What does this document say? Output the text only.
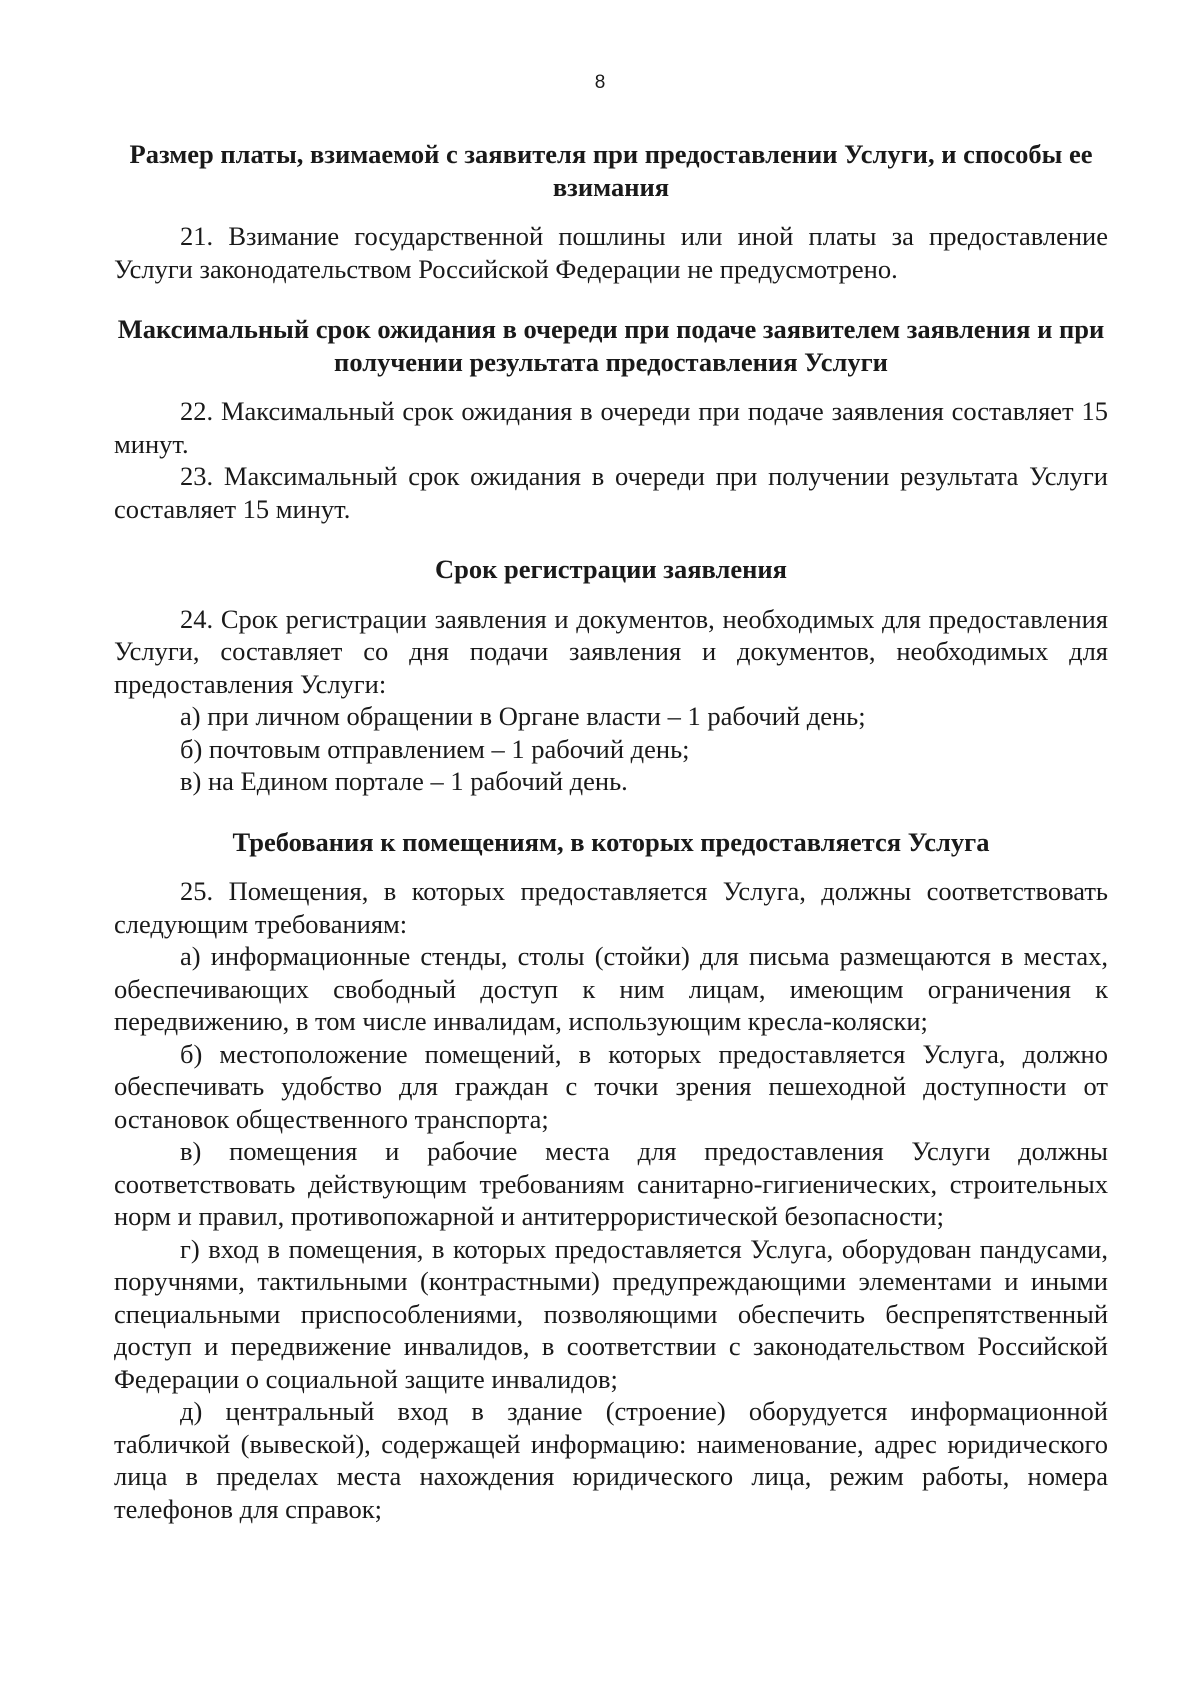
8

Размер платы, взимаемой с заявителя при предоставлении Услуги, и способы ее взимания

21. Взимание государственной пошлины или иной платы за предоставление Услуги законодательством Российской Федерации не предусмотрено.

Максимальный срок ожидания в очереди при подаче заявителем заявления и при получении результата предоставления Услуги

22. Максимальный срок ожидания в очереди при подаче заявления составляет 15 минут.

23. Максимальный срок ожидания в очереди при получении результата Услуги составляет 15 минут.

Срок регистрации заявления

24. Срок регистрации заявления и документов, необходимых для предоставления Услуги, составляет со дня подачи заявления и документов, необходимых для предоставления Услуги:

а) при личном обращении в Органе власти – 1 рабочий день;

б) почтовым отправлением – 1 рабочий день;

в) на Едином портале – 1 рабочий день.

Требования к помещениям, в которых предоставляется Услуга

25. Помещения, в которых предоставляется Услуга, должны соответствовать следующим требованиям:

а) информационные стенды, столы (стойки) для письма размещаются в местах, обеспечивающих свободный доступ к ним лицам, имеющим ограничения к передвижению, в том числе инвалидам, использующим кресла-коляски;

б) местоположение помещений, в которых предоставляется Услуга, должно обеспечивать удобство для граждан с точки зрения пешеходной доступности от остановок общественного транспорта;

в) помещения и рабочие места для предоставления Услуги должны соответствовать действующим требованиям санитарно-гигиенических, строительных норм и правил, противопожарной и антитеррористической безопасности;

г) вход в помещения, в которых предоставляется Услуга, оборудован пандусами, поручнями, тактильными (контрастными) предупреждающими элементами и иными специальными приспособлениями, позволяющими обеспечить беспрепятственный доступ и передвижение инвалидов, в соответствии с законодательством Российской Федерации о социальной защите инвалидов;

д) центральный вход в здание (строение) оборудуется информационной табличкой (вывеской), содержащей информацию: наименование, адрес юридического лица в пределах места нахождения юридического лица, режим работы, номера телефонов для справок;
